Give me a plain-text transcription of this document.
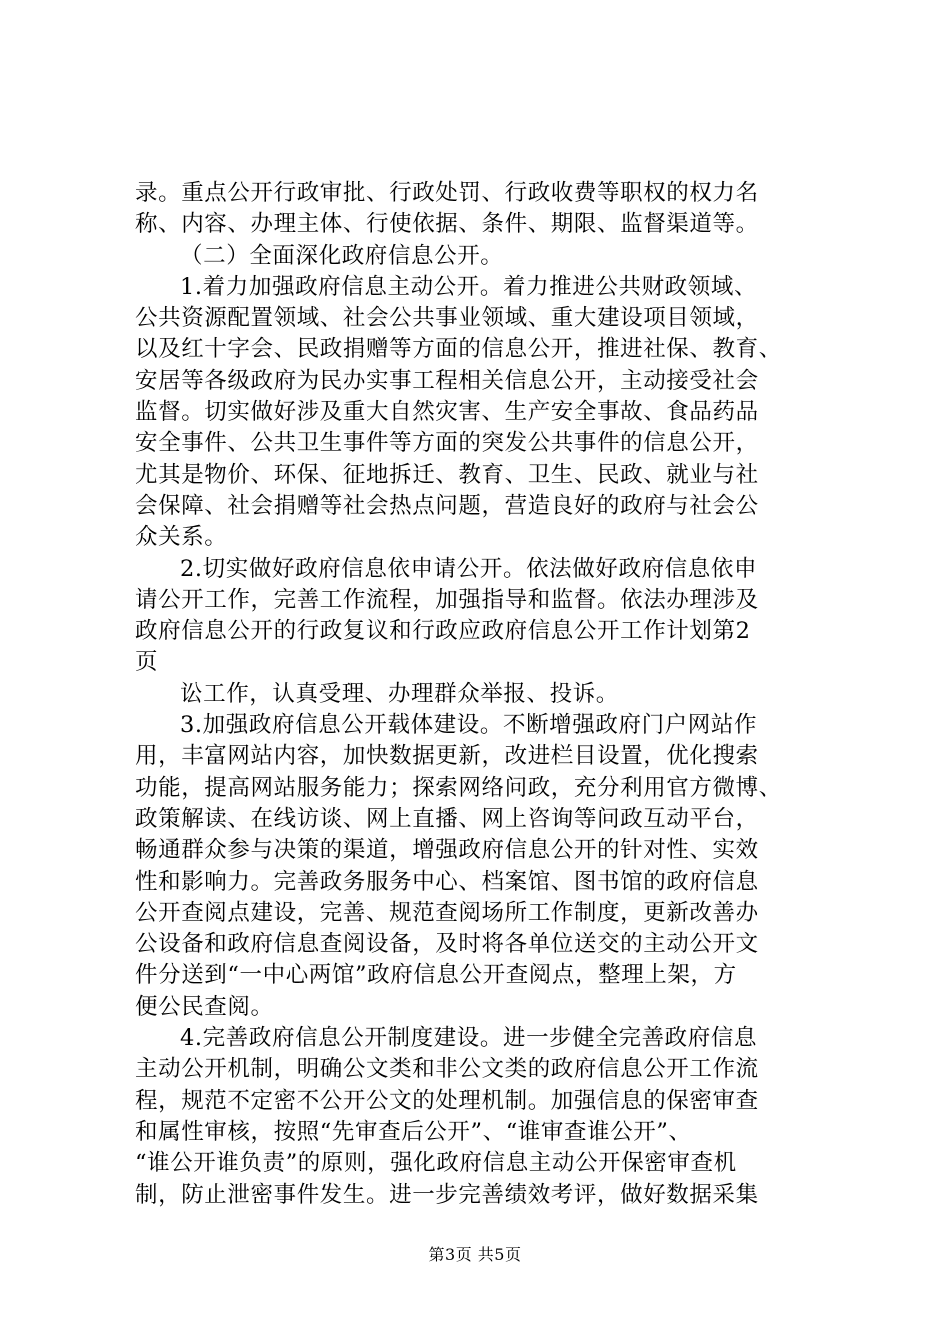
录。重点公开行政审批、行政处罚、行政收费等职权的权力名
称、内容、办理主体、行使依据、条件、期限、监督渠道等。
（二）全面深化政府信息公开。
1.着力加强政府信息主动公开。着力推进公共财政领域、
公共资源配置领域、社会公共事业领域、重大建设项目领域，
以及红十字会、民政捐赠等方面的信息公开，推进社保、教育、
安居等各级政府为民办实事工程相关信息公开，主动接受社会
监督。切实做好涉及重大自然灾害、生产安全事故、食品药品
安全事件、公共卫生事件等方面的突发公共事件的信息公开，
尤其是物价、环保、征地拆迁、教育、卫生、民政、就业与社
会保障、社会捐赠等社会热点问题，营造良好的政府与社会公
众关系。
2.切实做好政府信息依申请公开。依法做好政府信息依申
请公开工作，完善工作流程，加强指导和监督。依法办理涉及
政府信息公开的行政复议和行政应政府信息公开工作计划第2
页
讼工作，认真受理、办理群众举报、投诉。
3.加强政府信息公开载体建设。不断增强政府门户网站作
用，丰富网站内容，加快数据更新，改进栏目设置，优化搜索
功能，提高网站服务能力；探索网络问政，充分利用官方微博、
政策解读、在线访谈、网上直播、网上咨询等问政互动平台，
畅通群众参与决策的渠道，增强政府信息公开的针对性、实效
性和影响力。完善政务服务中心、档案馆、图书馆的政府信息
公开查阅点建设，完善、规范查阅场所工作制度，更新改善办
公设备和政府信息查阅设备，及时将各单位送交的主动公开文
件分送到“一中心两馆”政府信息公开查阅点，整理上架，方
便公民查阅。
4.完善政府信息公开制度建设。进一步健全完善政府信息
主动公开机制，明确公文类和非公文类的政府信息公开工作流
程，规范不定密不公开公文的处理机制。加强信息的保密审查
和属性审核，按照“先审查后公开”、“谁审查谁公开”、
“谁公开谁负责”的原则，强化政府信息主动公开保密审查机
制，防止泄密事件发生。进一步完善绩效考评，做好数据采集
第3页 共5页
